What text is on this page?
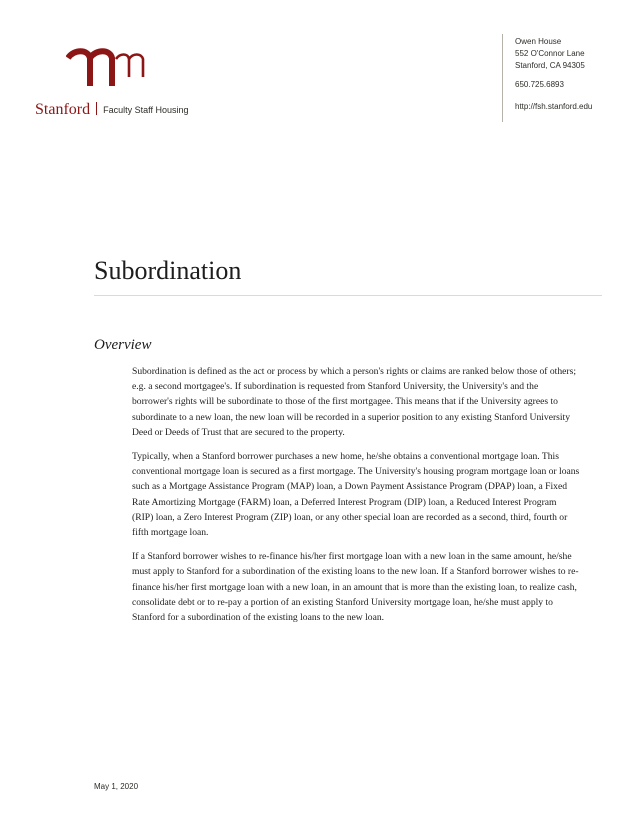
Stanford Faculty Staff Housing
Owen House
552 O'Connor Lane
Stanford, CA 94305
650.725.6893
http://fsh.stanford.edu
Subordination
Overview

Subordination is defined as the act or process by which a person's rights or claims are ranked below those of others; e.g. a second mortgagee's. If subordination is requested from Stanford University, the University's and the borrower's rights will be subordinate to those of the first mortgagee. This means that if the University agrees to subordinate to a new loan, the new loan will be recorded in a superior position to any existing Stanford University Deed or Deeds of Trust that are secured to the property.

Typically, when a Stanford borrower purchases a new home, he/she obtains a conventional mortgage loan. This conventional mortgage loan is secured as a first mortgage. The University's housing program mortgage loan or loans such as a Mortgage Assistance Program (MAP) loan, a Down Payment Assistance Program (DPAP) loan, a Fixed Rate Amortizing Mortgage (FARM) loan, a Deferred Interest Program (DIP) loan, a Reduced Interest Program (RIP) loan, a Zero Interest Program (ZIP) loan, or any other special loan are recorded as a second, third, fourth or fifth mortgage loan.

If a Stanford borrower wishes to re-finance his/her first mortgage loan with a new loan in the same amount, he/she must apply to Stanford for a subordination of the existing loans to the new loan. If a Stanford borrower wishes to re-finance his/her first mortgage loan with a new loan, in an amount that is more than the existing loan, to realize cash, consolidate debt or to re-pay a portion of an existing Stanford University mortgage loan, he/she must apply to Stanford for a subordination of the existing loans to the new loan.

May 1, 2020
